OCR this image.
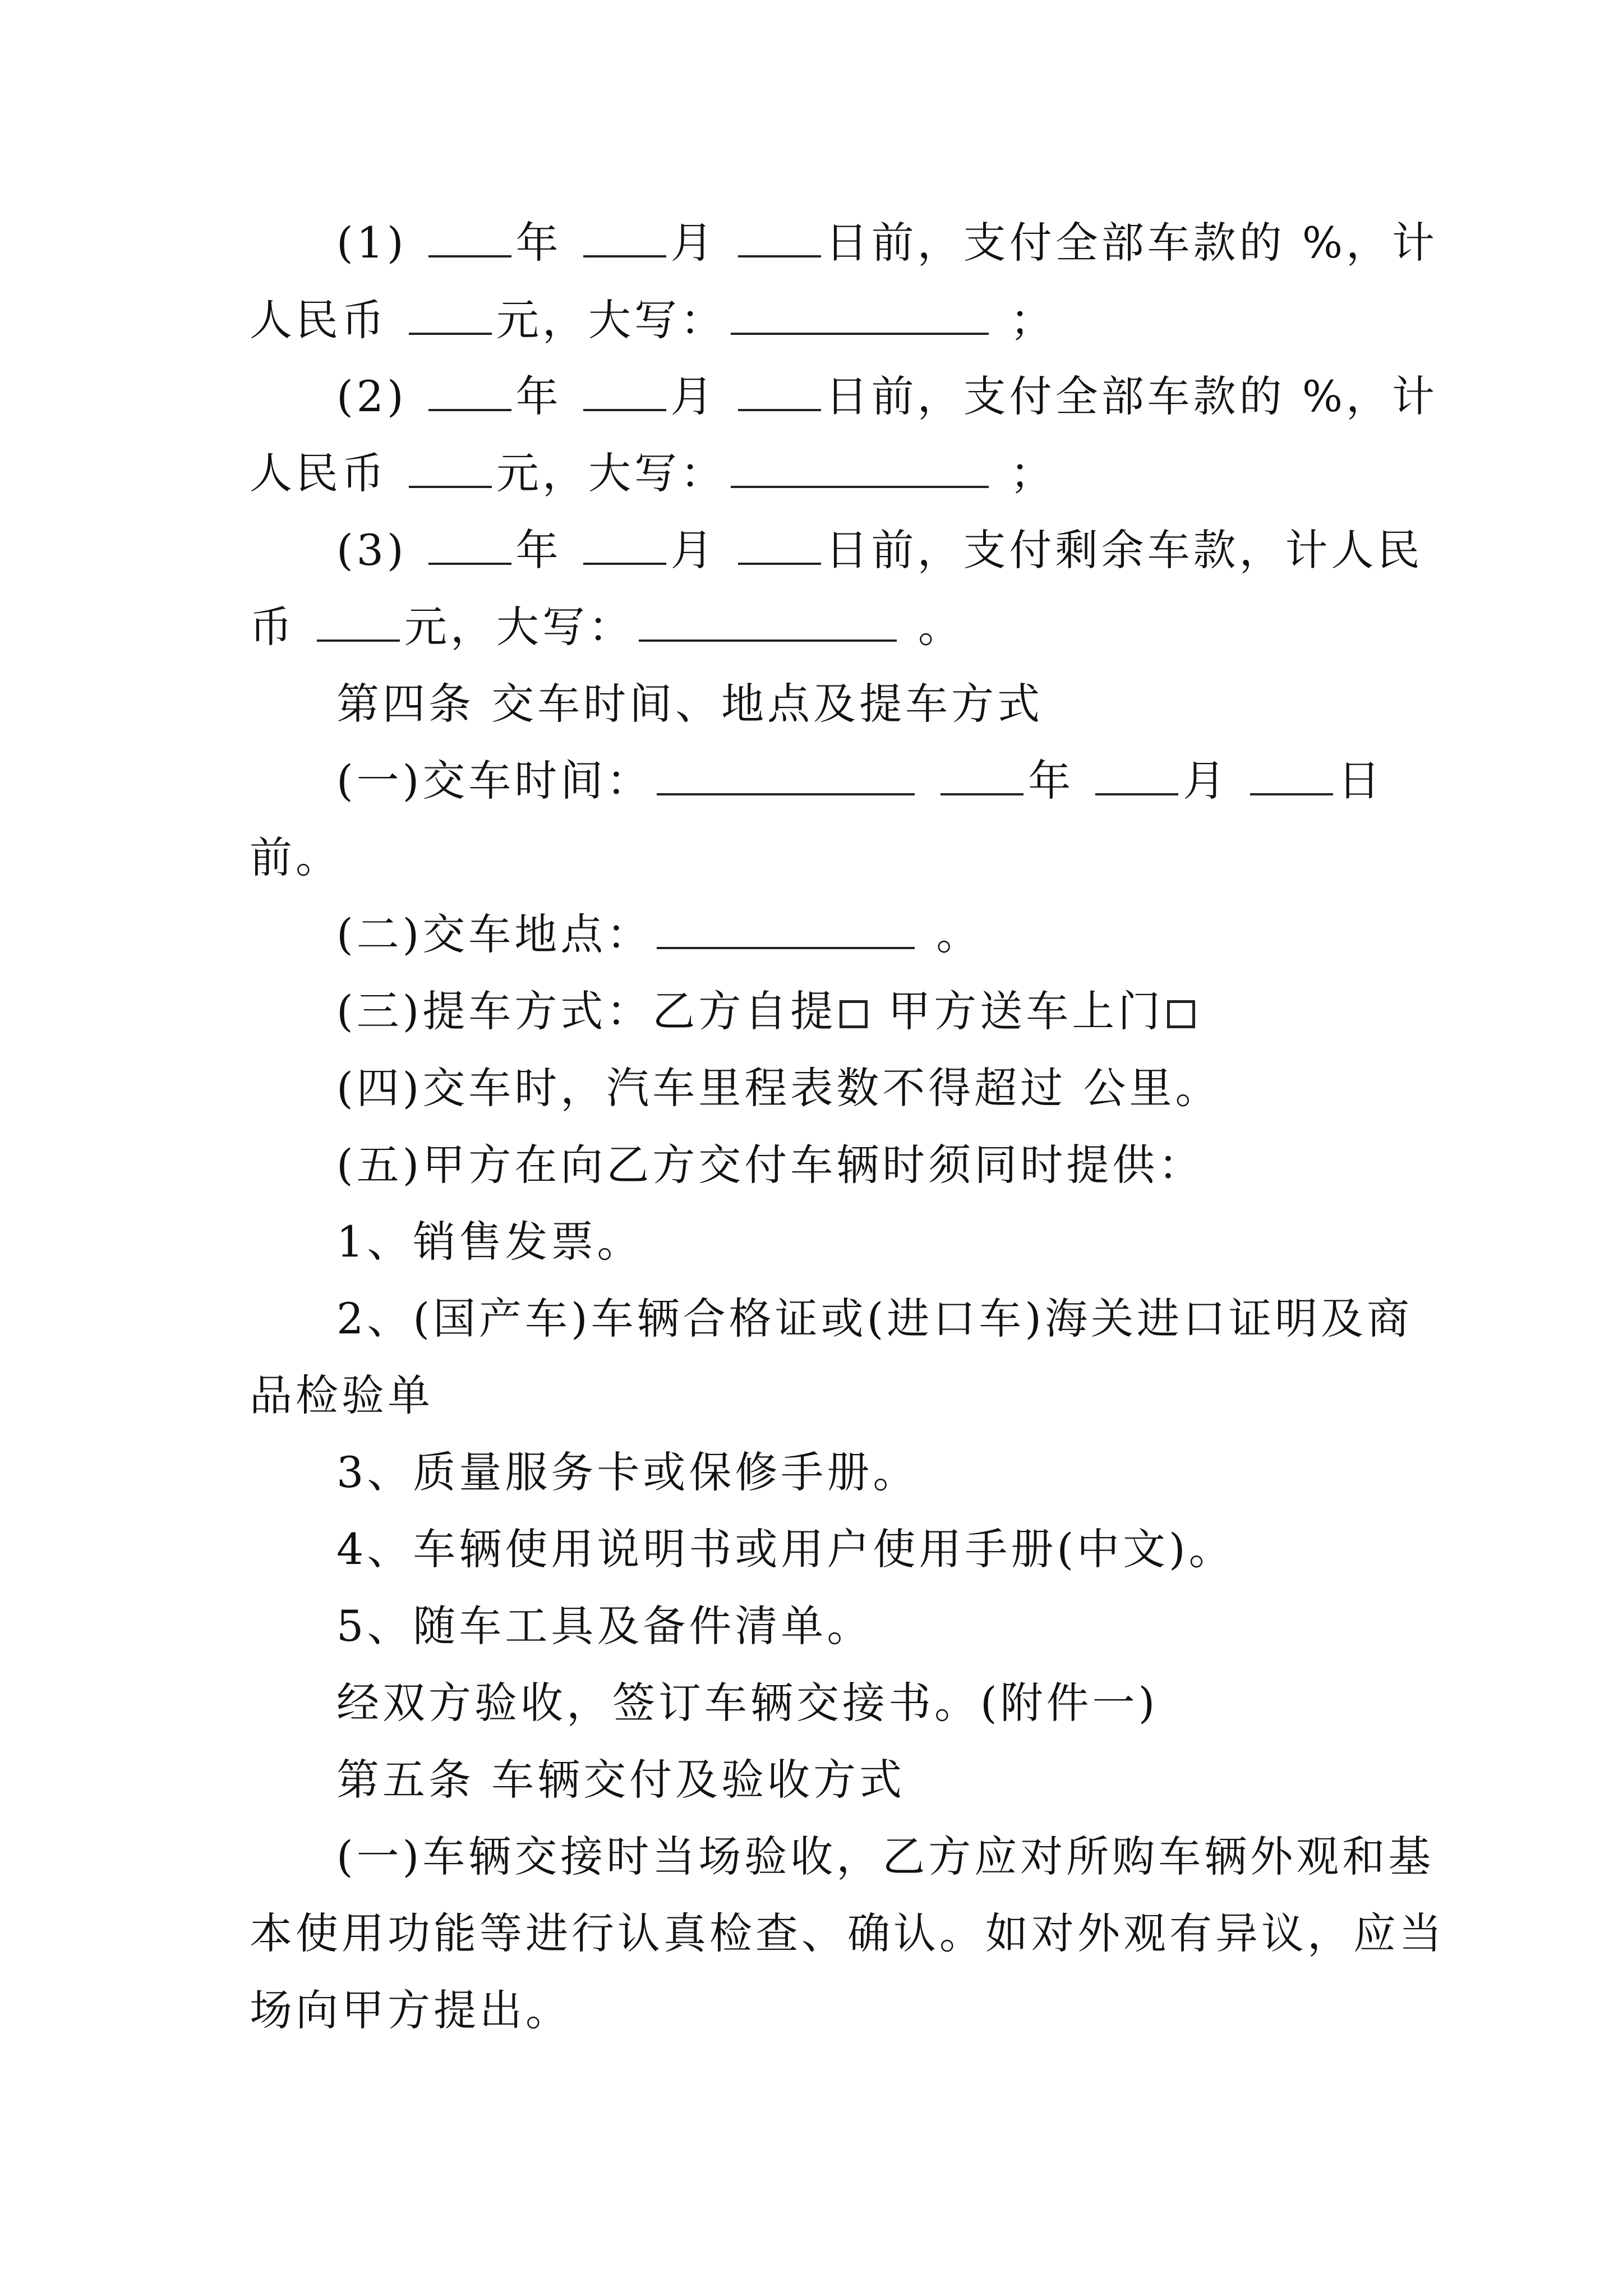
(1)	年	月	日前，支付全部车款的 %，计
人民币	元，大写：	；
(2)	年	月	日前，支付全部车款的 %，计
人民币	元，大写：	；
(3)	年	月	日前，支付剩余车款，计人民
币	元，大写：	。
第四条 交车时间、地点及提车方式
(一)交车时间：	年	月	日
前。
(二)交车地点：	。
(三)提车方式：乙方自提 甲方送车上门
(四)交车时，汽车里程表数不得超过 公里。
(五)甲方在向乙方交付车辆时须同时提供：
1、销售发票。
2、(国产车)车辆合格证或(进口车)海关进口证明及商
品检验单
3、质量服务卡或保修手册。
4、车辆使用说明书或用户使用手册(中文)。
5、随车工具及备件清单。
经双方验收，签订车辆交接书。(附件一)
第五条 车辆交付及验收方式
(一)车辆交接时当场验收，乙方应对所购车辆外观和基
本使用功能等进行认真检查、确认。如对外观有异议，应当
场向甲方提出。
